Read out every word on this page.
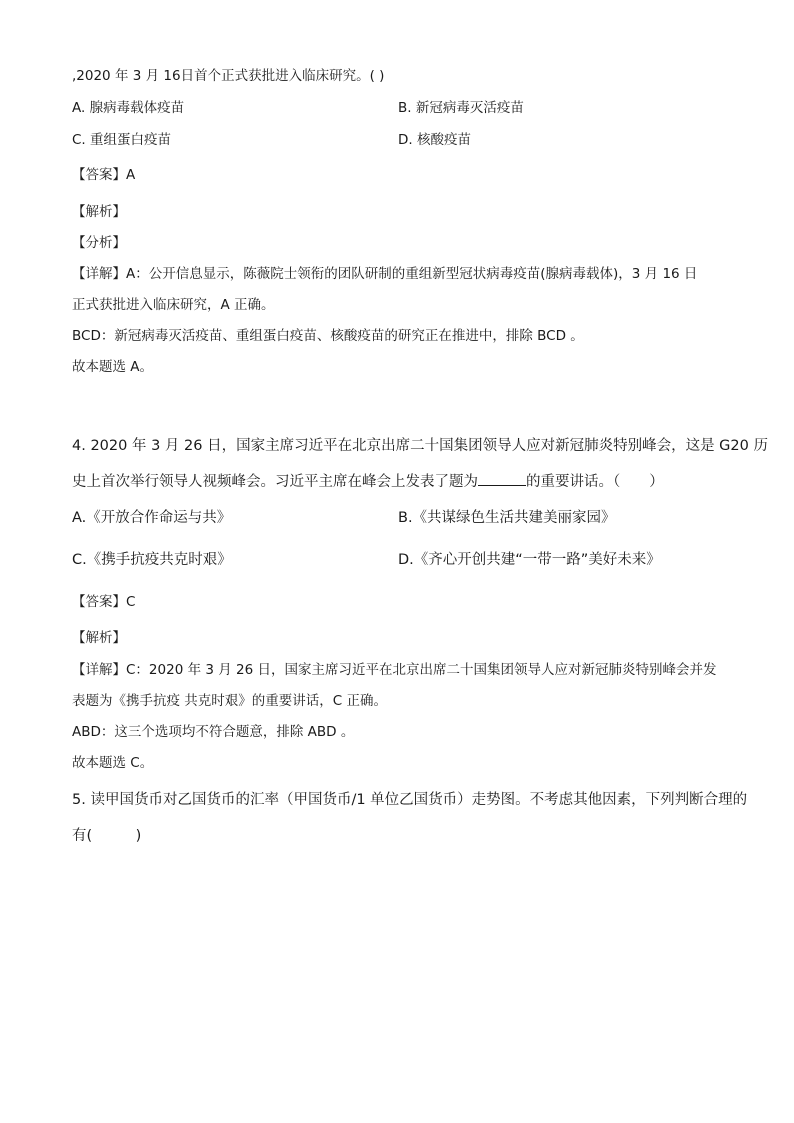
,2020 年 3 月 16日首个正式获批进入临床研究。( )
A. 腺病毒载体疫苗	B. 新冠病毒灭活疫苗
C. 重组蛋白疫苗	D. 核酸疫苗
【答案】A
【解析】
【分析】
【详解】A：公开信息显示，陈薇院士领衔的团队研制的重组新型冠状病毒疫苗(腺病毒载体)，3 月 16 日
正式获批进入临床研究，A 正确。
BCD：新冠病毒灭活疫苗、重组蛋白疫苗、核酸疫苗的研究正在推进中，排除 BCD 。
故本题选 A。
4. 2020 年 3 月 26 日，国家主席习近平在北京出席二十国集团领导人应对新冠肺炎特别峰会，这是 G20 历
史上首次举行领导人视频峰会。习近平主席在峰会上发表了题为	的重要讲话。（　　）
A.《开放合作命运与共》	B.《共谋绿色生活共建美丽家园》
C.《携手抗疫共克时艰》	D.《齐心开创共建“一带一路”美好未来》
【答案】C
【解析】
【详解】C：2020 年 3 月 26 日，国家主席习近平在北京出席二十国集团领导人应对新冠肺炎特别峰会并发
表题为《携手抗疫 共克时艰》的重要讲话，C 正确。
ABD：这三个选项均不符合题意，排除 ABD 。
故本题选 C。
5. 读甲国货币对乙国货币的汇率（甲国货币/1 单位乙国货币）走势图。不考虑其他因素，下列判断合理的
有(　　　)
